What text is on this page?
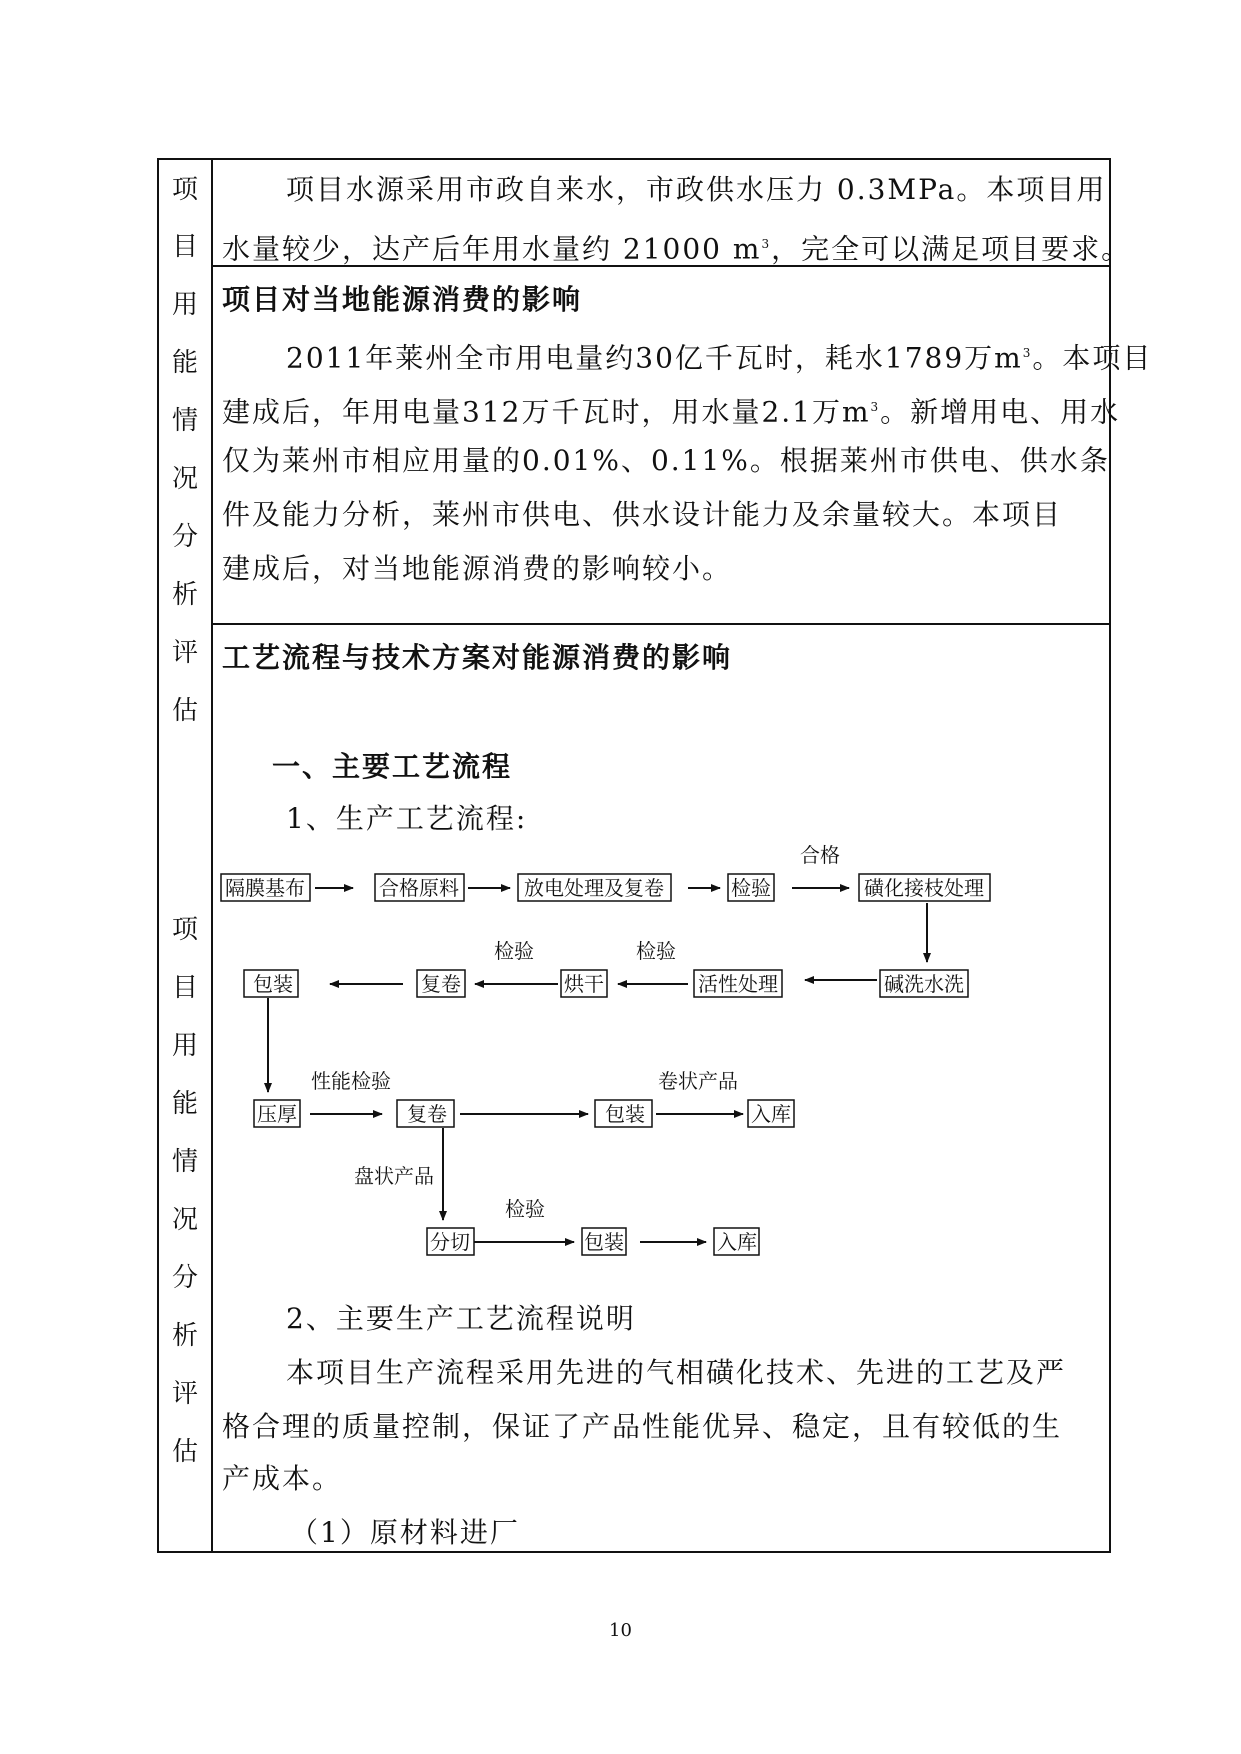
项
目
用
能
情
况
分
析
评
估
项
目
用
能
情
况
分
析
评
估
项目水源采用市政自来水，市政供水压力 0.3MPa。本项目用
水量较少，达产后年用水量约 21000 $m^3$，完全可以满足项目要求。
项目对当地能源消费的影响
2011年莱州全市用电量约30亿千瓦时，耗水1789万$m^3$。本项目
建成后，年用电量312万千瓦时，用水量2.1万$m^3$。新增用电、用水
仅为莱州市相应用量的0.01%、0.11%。根据莱州市供电、供水条
件及能力分析，莱州市供电、供水设计能力及余量较大。本项目
建成后，对当地能源消费的影响较小。
工艺流程与技术方案对能源消费的影响
一、主要工艺流程
1、生产工艺流程:
隔膜基布	合格原料	放电处理及复卷	检验	磺化接枝处理
碱洗水洗
活性处理
烘干
复卷
包装
压厚	复卷	包装	入库
分切	包装	入库
合格
检验	检验
性能检验	卷状产品
盘状产品
检验
2、主要生产工艺流程说明
本项目生产流程采用先进的气相磺化技术、先进的工艺及严
格合理的质量控制，保证了产品性能优异、稳定，且有较低的生
产成本。
（1）原材料进厂
10
